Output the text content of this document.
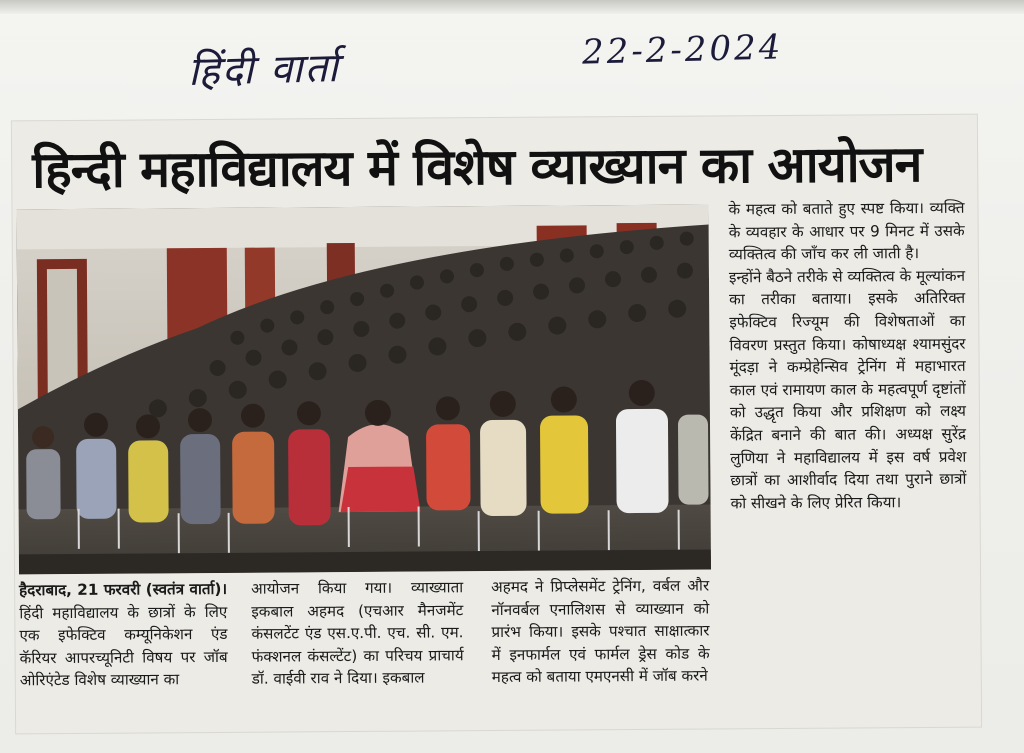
हिंदी वार्ता	22-2-2024
हिन्दी महाविद्यालय में विशेष व्याख्यान का आयोजन

हैदराबाद, 21 फरवरी (स्वतंत्र वार्ता)। हिंदी महाविद्यालय के छात्रों के लिए एक इफेक्टिव कम्यूनिकेशन एंड कॅरियर आपरच्यूनिटी विषय पर जॉब ओरिएंटेड विशेष व्याख्यान का

आयोजन किया गया। व्याख्याता इकबाल अहमद (एचआर मैनजमेंट कंसलटेंट एंड एस.ए.पी. एच. सी. एम. फंक्शनल कंसल्टेंट) का परिचय प्राचार्य डॉ. वाईवी राव ने दिया। इकबाल

अहमद ने प्रिप्लेसमेंट ट्रेनिंग, वर्बल और नॉनवर्बल एनालिशस से व्याख्यान को प्रारंभ किया। इसके पश्चात साक्षात्कार में इनफार्मल एवं फार्मल ड्रेस कोड के महत्व को बताया एमएनसी में जॉब करने

के महत्व को बताते हुए स्पष्ट किया। व्यक्ति के व्यवहार के आधार पर 9 मिनट में उसके व्यक्तित्व की जाँच कर ली जाती है।

इन्होंने बैठने तरीके से व्यक्तित्व के मूल्यांकन का तरीका बताया। इसके अतिरिक्त इफेक्टिव रिज्यूम की विशेषताओं का विवरण प्रस्तुत किया। कोषाध्यक्ष श्यामसुंदर मूंदड़ा ने कम्प्रेहेन्सिव ट्रेनिंग में महाभारत काल एवं रामायण काल के महत्वपूर्ण दृष्टांतों को उद्धृत किया और प्रशिक्षण को लक्ष्य केंद्रित बनाने की बात की। अध्यक्ष सुरेंद्र लुणिया ने महाविद्यालय में इस वर्ष प्रवेश छात्रों का आशीर्वाद दिया तथा पुराने छात्रों को सीखने के लिए प्रेरित किया।
